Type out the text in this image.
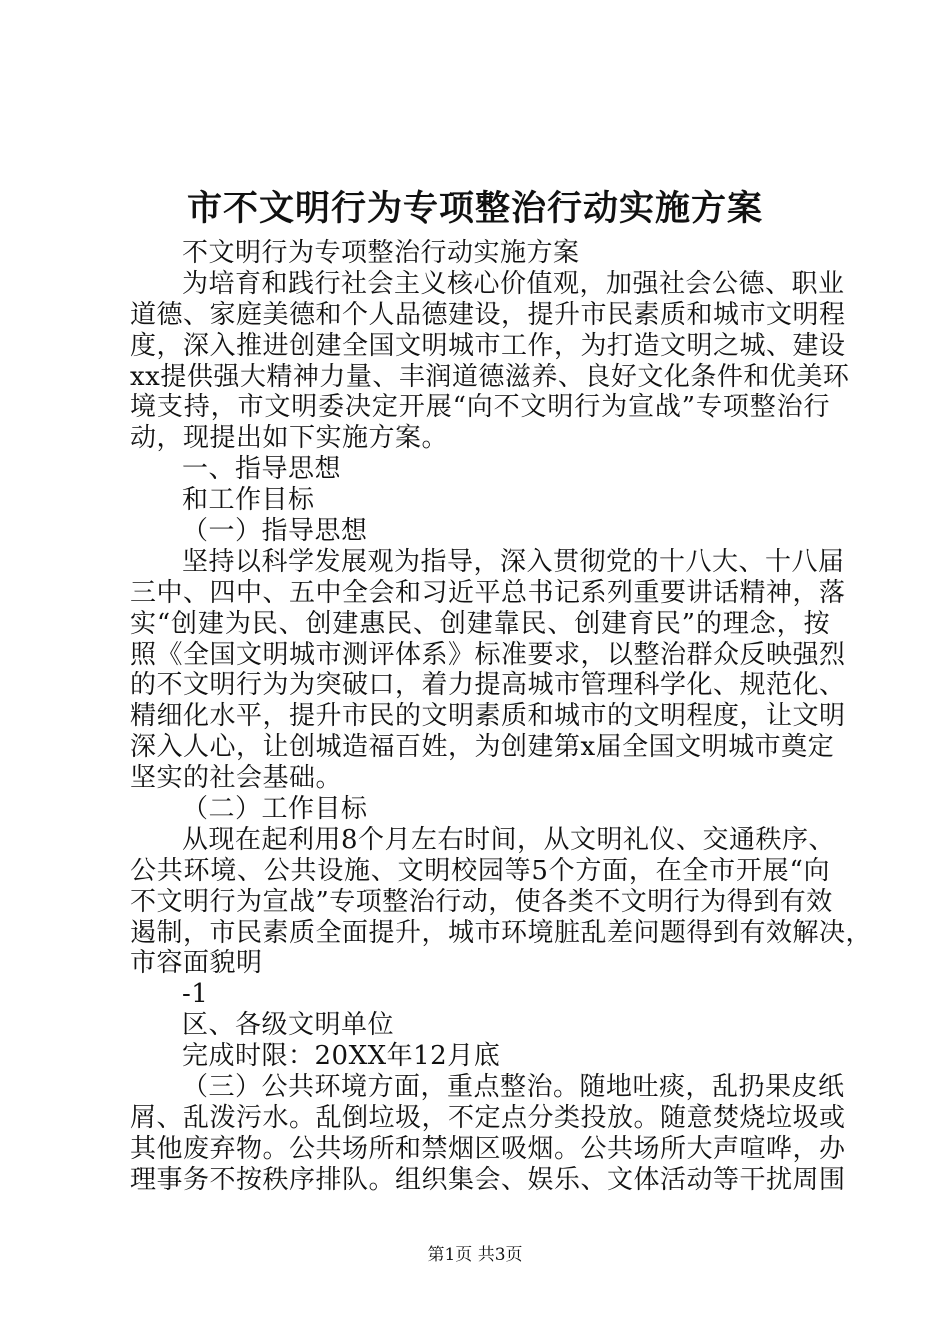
市不文明行为专项整治行动实施方案
不文明行为专项整治行动实施方案
为培育和践行社会主义核心价值观，加强社会公德、职业
道德、家庭美德和个人品德建设，提升市民素质和城市文明程
度，深入推进创建全国文明城市工作，为打造文明之城、建设
xx提供强大精神力量、丰润道德滋养、良好文化条件和优美环
境支持，市文明委决定开展“向不文明行为宣战”专项整治行
动，现提出如下实施方案。
一、指导思想
和工作目标
（一）指导思想
坚持以科学发展观为指导，深入贯彻党的十八大、十八届
三中、四中、五中全会和习近平总书记系列重要讲话精神，落
实“创建为民、创建惠民、创建靠民、创建育民”的理念，按
照《全国文明城市测评体系》标准要求，以整治群众反映强烈
的不文明行为为突破口，着力提高城市管理科学化、规范化、
精细化水平，提升市民的文明素质和城市的文明程度，让文明
深入人心，让创城造福百姓，为创建第x届全国文明城市奠定
坚实的社会基础。
（二）工作目标
从现在起利用8个月左右时间，从文明礼仪、交通秩序、
公共环境、公共设施、文明校园等5个方面，在全市开展“向
不文明行为宣战”专项整治行动，使各类不文明行为得到有效
遏制，市民素质全面提升，城市环境脏乱差问题得到有效解决，
市容面貌明
-1
区、各级文明单位
完成时限：20XX年12月底
（三）公共环境方面，重点整治。随地吐痰，乱扔果皮纸
屑、乱泼污水。乱倒垃圾，不定点分类投放。随意焚烧垃圾或
其他废弃物。公共场所和禁烟区吸烟。公共场所大声喧哗，办
理事务不按秩序排队。组织集会、娱乐、文体活动等干扰周围
第1页 共3页
